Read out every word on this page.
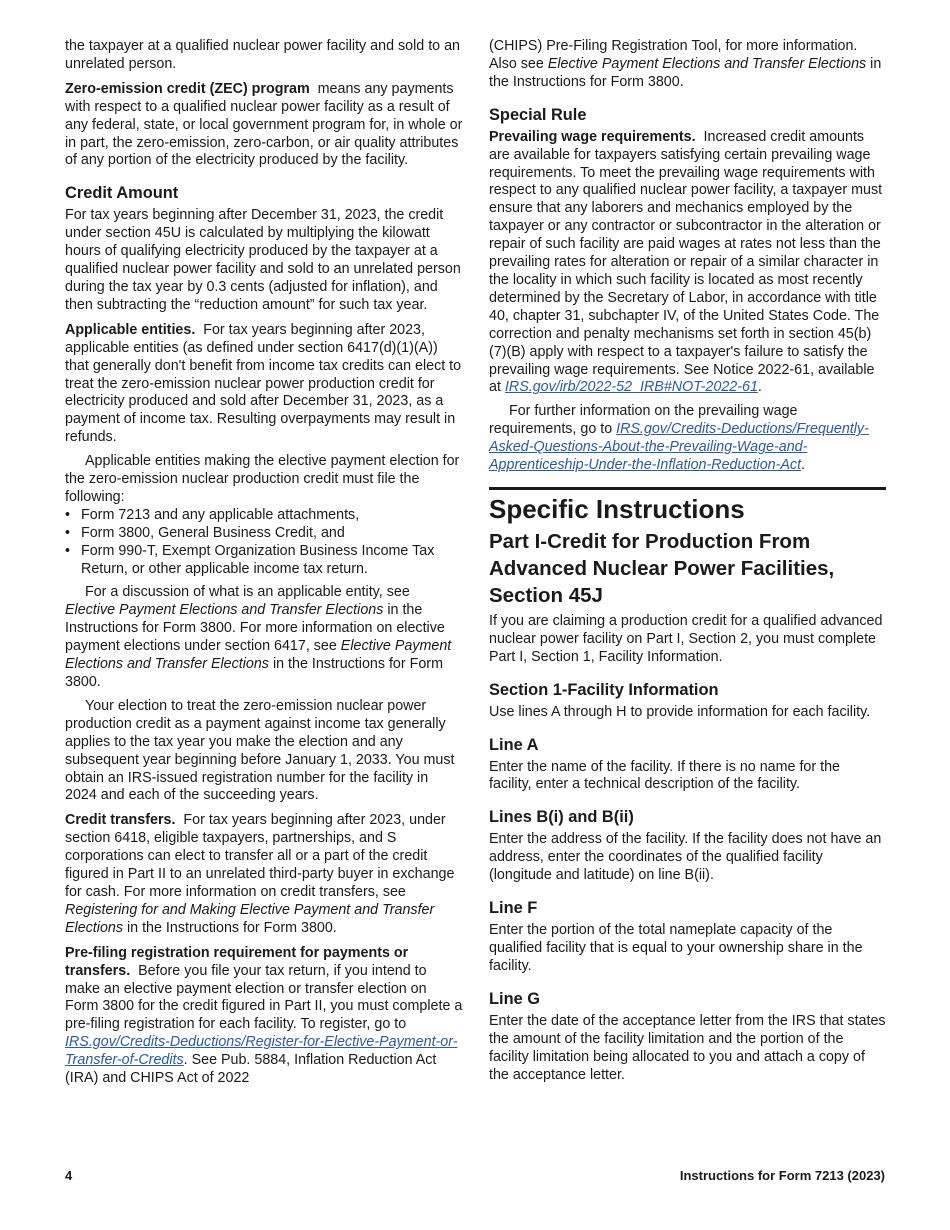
the taxpayer at a qualified nuclear power facility and sold to an unrelated person.

Zero-emission credit (ZEC) program means any payments with respect to a qualified nuclear power facility as a result of any federal, state, or local government program for, in whole or in part, the zero-emission, zero-carbon, or air quality attributes of any portion of the electricity produced by the facility.

Credit Amount

For tax years beginning after December 31, 2023, the credit under section 45U is calculated by multiplying the kilowatt hours of qualifying electricity produced by the taxpayer at a qualified nuclear power facility and sold to an unrelated person during the tax year by 0.3 cents (adjusted for inflation), and then subtracting the “reduction amount” for such tax year.

Applicable entities. For tax years beginning after 2023, applicable entities (as defined under section 6417(d)(1)(A)) that generally don't benefit from income tax credits can elect to treat the zero-emission nuclear power production credit for electricity produced and sold after December 31, 2023, as a payment of income tax. Resulting overpayments may result in refunds.

Applicable entities making the elective payment election for the zero-emission nuclear production credit must file the following:

• Form 7213 and any applicable attachments,
• Form 3800, General Business Credit, and
• Form 990-T, Exempt Organization Business Income Tax Return, or other applicable income tax return.

For a discussion of what is an applicable entity, see Elective Payment Elections and Transfer Elections in the Instructions for Form 3800. For more information on elective payment elections under section 6417, see Elective Payment Elections and Transfer Elections in the Instructions for Form 3800.

Your election to treat the zero-emission nuclear power production credit as a payment against income tax generally applies to the tax year you make the election and any subsequent year beginning before January 1, 2033. You must obtain an IRS-issued registration number for the facility in 2024 and each of the succeeding years.

Credit transfers. For tax years beginning after 2023, under section 6418, eligible taxpayers, partnerships, and S corporations can elect to transfer all or a part of the credit figured in Part II to an unrelated third-party buyer in exchange for cash. For more information on credit transfers, see Registering for and Making Elective Payment and Transfer Elections in the Instructions for Form 3800.

Pre-filing registration requirement for payments or transfers. Before you file your tax return, if you intend to make an elective payment election or transfer election on Form 3800 for the credit figured in Part II, you must complete a pre-filing registration for each facility. To register, go to IRS.gov/Credits-Deductions/Register-for-Elective-Payment-or-Transfer-of-Credits. See Pub. 5884, Inflation Reduction Act (IRA) and CHIPS Act of 2022

(CHIPS) Pre-Filing Registration Tool, for more information. Also see Elective Payment Elections and Transfer Elections in the Instructions for Form 3800.

Special Rule

Prevailing wage requirements. Increased credit amounts are available for taxpayers satisfying certain prevailing wage requirements. To meet the prevailing wage requirements with respect to any qualified nuclear power facility, a taxpayer must ensure that any laborers and mechanics employed by the taxpayer or any contractor or subcontractor in the alteration or repair of such facility are paid wages at rates not less than the prevailing rates for alteration or repair of a similar character in the locality in which such facility is located as most recently determined by the Secretary of Labor, in accordance with title 40, chapter 31, subchapter IV, of the United States Code. The correction and penalty mechanisms set forth in section 45(b)(7)(B) apply with respect to a taxpayer's failure to satisfy the prevailing wage requirements. See Notice 2022-61, available at IRS.gov/irb/2022-52_IRB#NOT-2022-61.

For further information on the prevailing wage requirements, go to IRS.gov/Credits-Deductions/Frequently-Asked-Questions-About-the-Prevailing-Wage-and-Apprenticeship-Under-the-Inflation-Reduction-Act.

Specific Instructions
Part I-Credit for Production From Advanced Nuclear Power Facilities, Section 45J

If you are claiming a production credit for a qualified advanced nuclear power facility on Part I, Section 2, you must complete Part I, Section 1, Facility Information.

Section 1-Facility Information

Use lines A through H to provide information for each facility.

Line A

Enter the name of the facility. If there is no name for the facility, enter a technical description of the facility.

Lines B(i) and B(ii)

Enter the address of the facility. If the facility does not have an address, enter the coordinates of the qualified facility (longitude and latitude) on line B(ii).

Line F

Enter the portion of the total nameplate capacity of the qualified facility that is equal to your ownership share in the facility.

Line G

Enter the date of the acceptance letter from the IRS that states the amount of the facility limitation and the portion of the facility limitation being allocated to you and attach a copy of the acceptance letter.

4	Instructions for Form 7213 (2023)
